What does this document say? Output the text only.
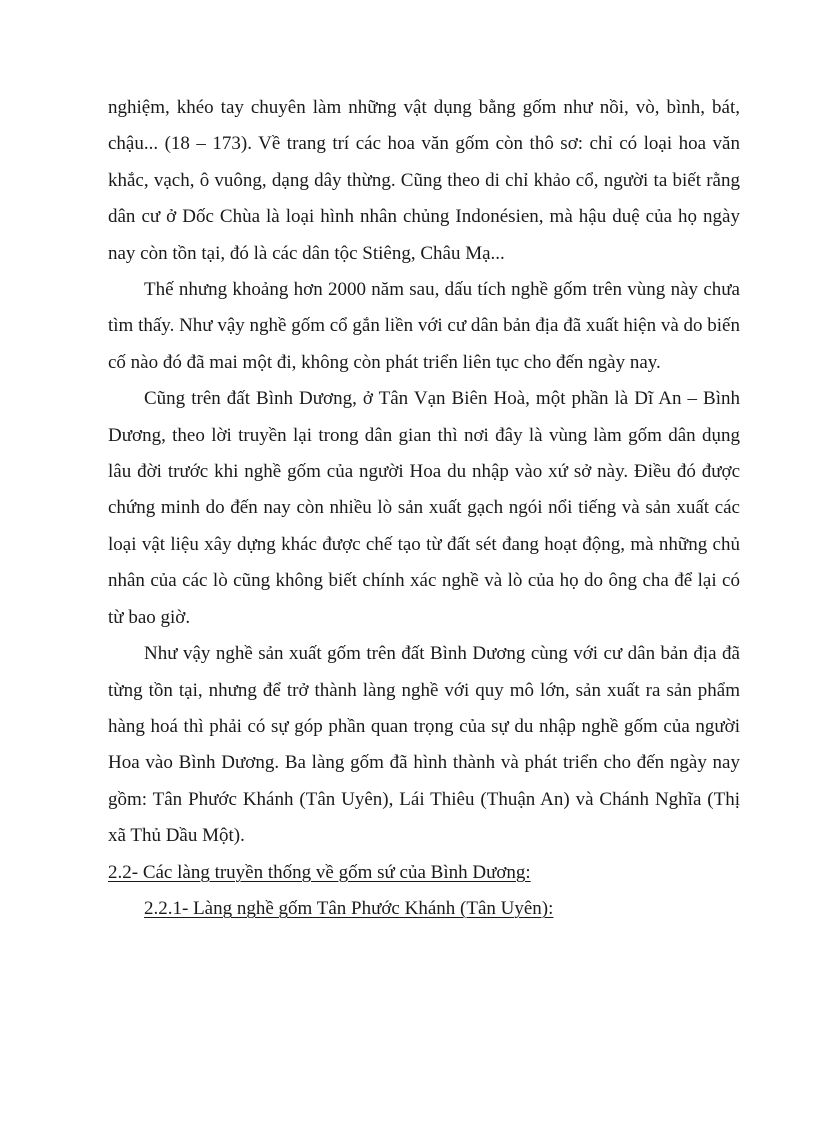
nghiệm, khéo tay chuyên làm những vật dụng bằng gốm như nồi, vò, bình, bát, chậu... (18 – 173). Về trang trí các hoa văn gốm còn thô sơ: chỉ có loại hoa văn khắc, vạch, ô vuông, dạng dây thừng. Cũng theo di chỉ khảo cổ, người ta biết rằng dân cư ở Dốc Chùa là loại hình nhân chủng Indonésien, mà hậu duệ của họ ngày nay còn tồn tại, đó là các dân tộc Stiêng, Châu Mạ...

Thế nhưng khoảng hơn 2000 năm sau, dấu tích nghề gốm trên vùng này chưa tìm thấy. Như vậy nghề gốm cổ gắn liền với cư dân bản địa đã xuất hiện và do biến cố nào đó đã mai một đi, không còn phát triển liên tục cho đến ngày nay.

Cũng trên đất Bình Dương, ở Tân Vạn Biên Hoà, một phần là Dĩ An – Bình Dương, theo lời truyền lại trong dân gian thì nơi đây là vùng làm gốm dân dụng lâu đời trước khi nghề gốm của người Hoa du nhập vào xứ sở này. Điều đó được chứng minh do đến nay còn nhiều lò sản xuất gạch ngói nổi tiếng và sản xuất các loại vật liệu xây dựng khác được chế tạo từ đất sét đang hoạt động, mà những chủ nhân của các lò cũng không biết chính xác nghề và lò của họ do ông cha để lại có từ bao giờ.

Như vậy nghề sản xuất gốm trên đất Bình Dương cùng với cư dân bản địa đã từng tồn tại, nhưng để trở thành làng nghề với quy mô lớn, sản xuất ra sản phẩm hàng hoá thì phải có sự góp phần quan trọng của sự du nhập nghề gốm của người Hoa vào Bình Dương. Ba làng gốm đã hình thành và phát triển cho đến ngày nay gồm: Tân Phước Khánh (Tân Uyên), Lái Thiêu (Thuận An) và Chánh Nghĩa (Thị xã Thủ Dầu Một).

2.2- Các làng truyền thống về gốm sứ của Bình Dương:
2.2.1- Làng nghề gốm Tân Phước Khánh (Tân Uyên):
